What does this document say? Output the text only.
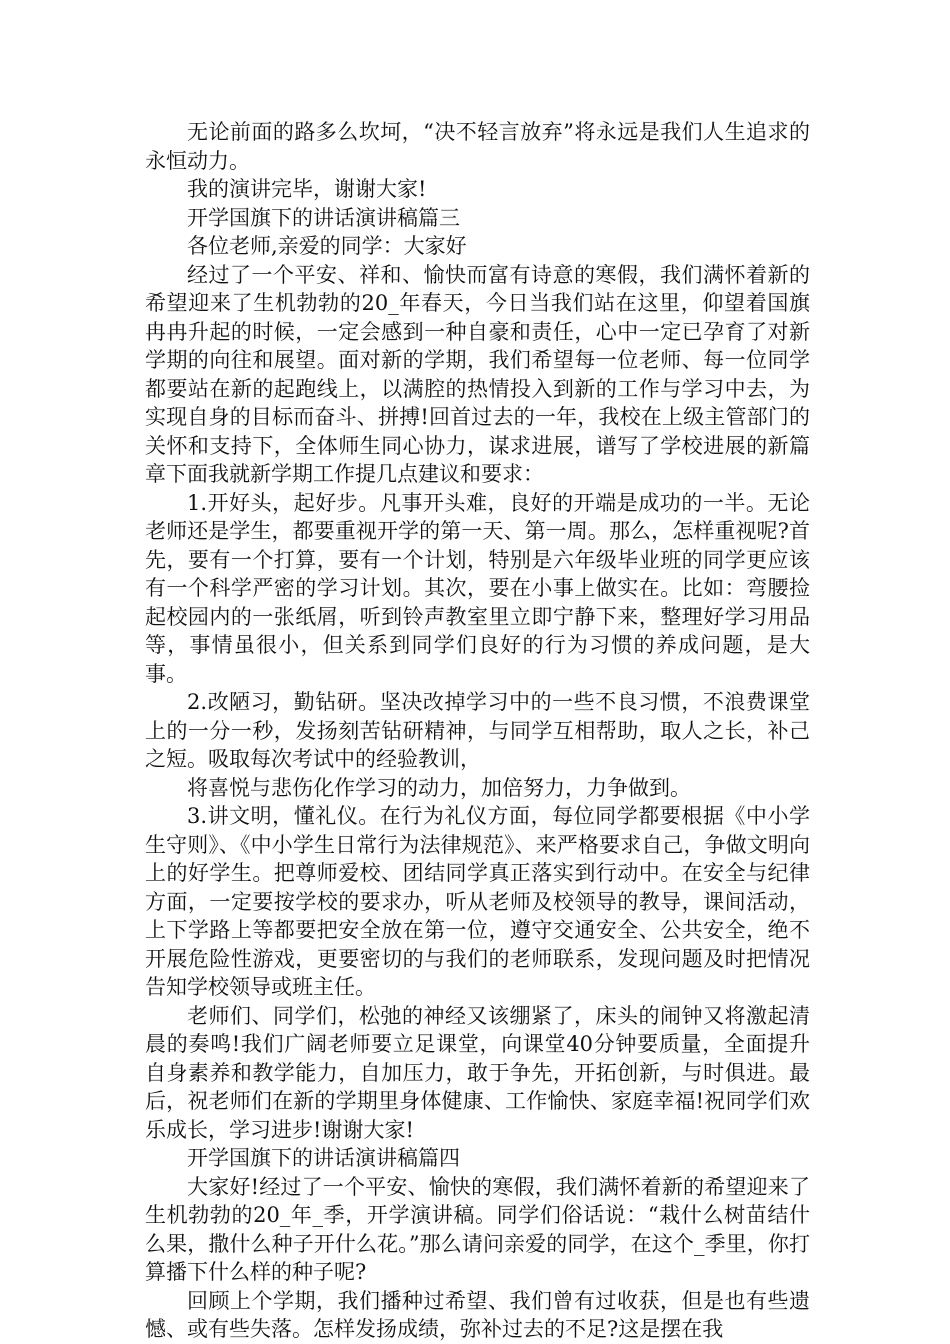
无论前面的路多么坎坷，“决不轻言放弃”将永远是我们人生追求的永恒动力。

我的演讲完毕，谢谢大家!

开学国旗下的讲话演讲稿篇三

各位老师,亲爱的同学：大家好

经过了一个平安、祥和、愉快而富有诗意的寒假，我们满怀着新的希望迎来了生机勃勃的20_年春天，今日当我们站在这里，仰望着国旗冉冉升起的时候，一定会感到一种自豪和责任，心中一定已孕育了对新学期的向往和展望。面对新的学期，我们希望每一位老师、每一位同学都要站在新的起跑线上，以满腔的热情投入到新的工作与学习中去，为实现自身的目标而奋斗、拼搏!回首过去的一年，我校在上级主管部门的关怀和支持下，全体师生同心协力，谋求进展，谱写了学校进展的新篇章下面我就新学期工作提几点建议和要求：

1.开好头，起好步。凡事开头难，良好的开端是成功的一半。无论老师还是学生，都要重视开学的第一天、第一周。那么，怎样重视呢?首先，要有一个打算，要有一个计划，特别是六年级毕业班的同学更应该有一个科学严密的学习计划。其次，要在小事上做实在。比如：弯腰捡起校园内的一张纸屑，听到铃声教室里立即宁静下来，整理好学习用品等，事情虽很小，但关系到同学们良好的行为习惯的养成问题，是大事。

2.改陋习，勤钻研。坚决改掉学习中的一些不良习惯，不浪费课堂上的一分一秒，发扬刻苦钻研精神，与同学互相帮助，取人之长，补己之短。吸取每次考试中的经验教训，

将喜悦与悲伤化作学习的动力，加倍努力，力争做到。

3.讲文明，懂礼仪。在行为礼仪方面，每位同学都要根据《中小学生守则》、《中小学生日常行为法律规范》、来严格要求自己，争做文明向上的好学生。把尊师爱校、团结同学真正落实到行动中。在安全与纪律方面，一定要按学校的要求办，听从老师及校领导的教导，课间活动，上下学路上等都要把安全放在第一位，遵守交通安全、公共安全，绝不开展危险性游戏，更要密切的与我们的老师联系，发现问题及时把情况告知学校领导或班主任。

老师们、同学们，松弛的神经又该绷紧了，床头的闹钟又将激起清晨的奏鸣!我们广阔老师要立足课堂，向课堂40分钟要质量，全面提升自身素养和教学能力，自加压力，敢于争先，开拓创新，与时俱进。最后，祝老师们在新的学期里身体健康、工作愉快、家庭幸福!祝同学们欢乐成长，学习进步!谢谢大家!

开学国旗下的讲话演讲稿篇四

大家好!经过了一个平安、愉快的寒假，我们满怀着新的希望迎来了生机勃勃的20_年_季，开学演讲稿。同学们俗话说：“栽什么树苗结什么果，撒什么种子开什么花。”那么请问亲爱的同学，在这个_季里，你打算播下什么样的种子呢?

回顾上个学期，我们播种过希望、我们曾有过收获，但是也有些遗憾、或有些失落。怎样发扬成绩，弥补过去的不足?这是摆在我
